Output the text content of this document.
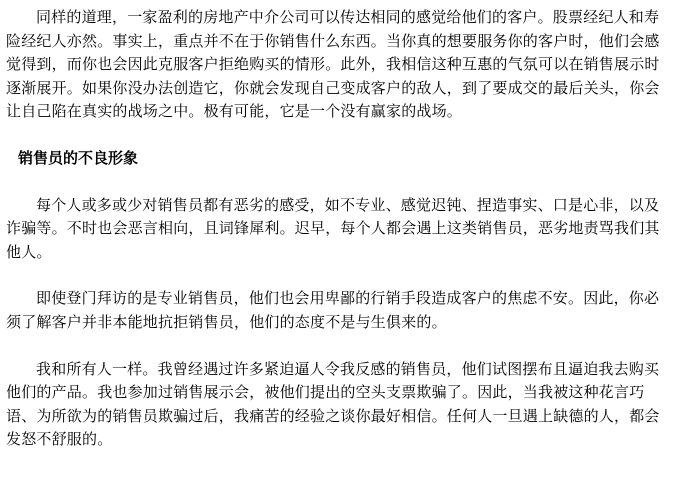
同样的道理，一家盈利的房地产中介公司可以传达相同的感觉给他们的客户。股票经纪人和寿险经纪人亦然。事实上，重点并不在于你销售什么东西。当你真的想要服务你的客户时，他们会感觉得到，而你也会因此克服客户拒绝购买的情形。此外，我相信这种互惠的气氛可以在销售展示时逐渐展开。如果你没办法创造它，你就会发现自己变成客户的敌人，到了要成交的最后关头，你会让自己陷在真实的战场之中。极有可能，它是一个没有赢家的战场。

销售员的不良形象

每个人或多或少对销售员都有恶劣的感受，如不专业、感觉迟钝、捏造事实、口是心非，以及诈骗等。不时也会恶言相向，且词锋犀利。迟早，每个人都会遇上这类销售员，恶劣地责骂我们其他人。

即使登门拜访的是专业销售员，他们也会用卑鄙的行销手段造成客户的焦虑不安。因此，你必须了解客户并非本能地抗拒销售员，他们的态度不是与生俱来的。

我和所有人一样。我曾经遇过许多紧迫逼人令我反感的销售员，他们试图摆布且逼迫我去购买他们的产品。我也参加过销售展示会，被他们提出的空头支票欺骗了。因此，当我被这种花言巧语、为所欲为的销售员欺骗过后，我痛苦的经验之谈你最好相信。任何人一旦遇上缺德的人，都会发怒不舒服的。
